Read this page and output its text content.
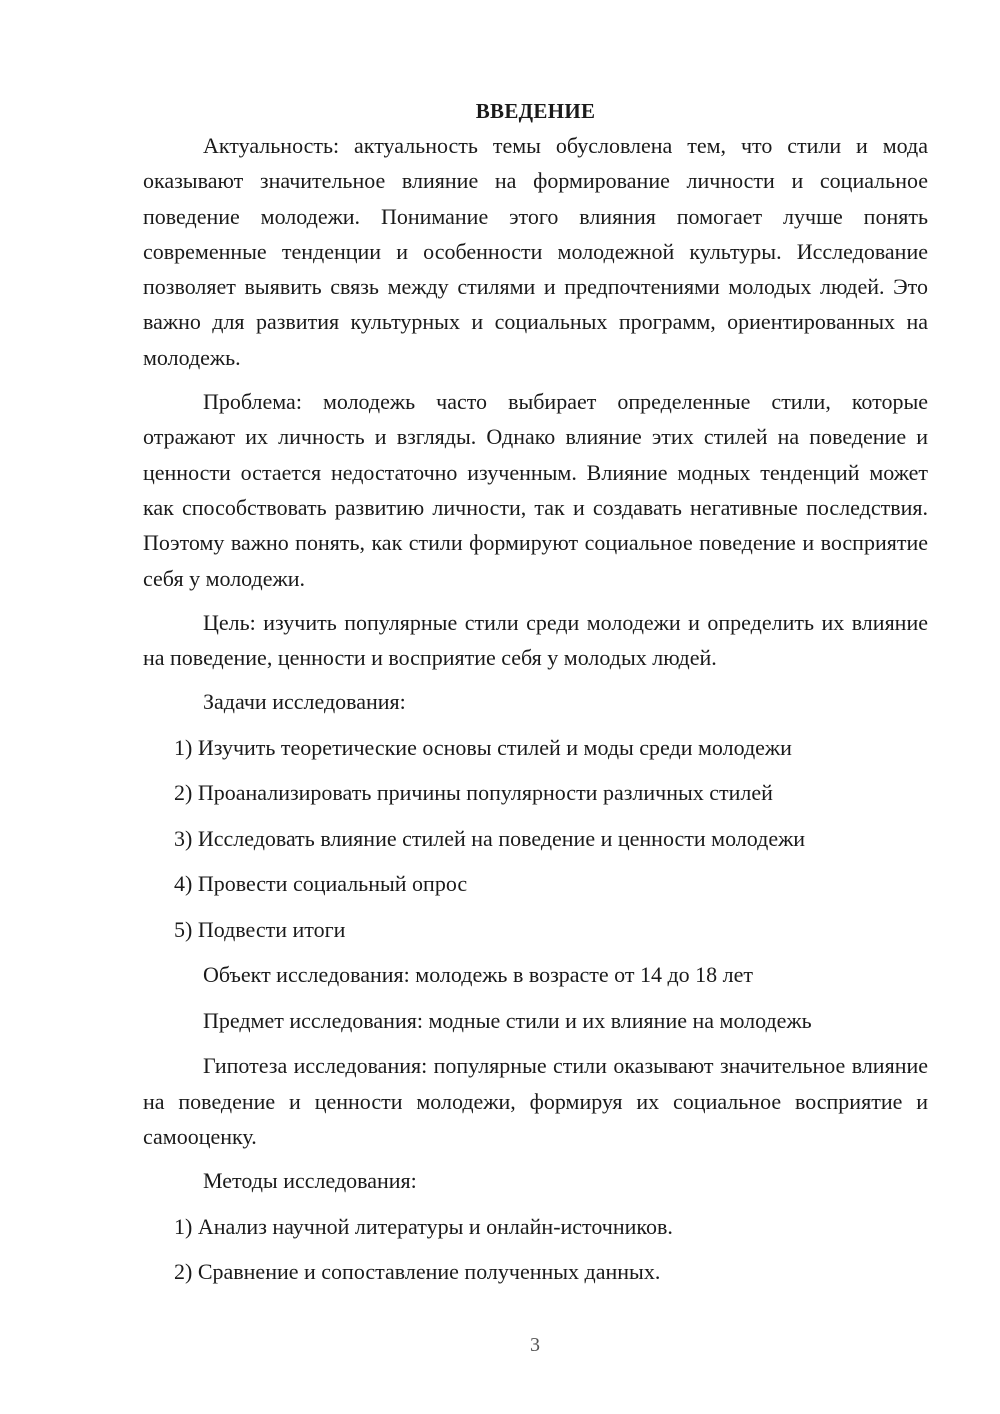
ВВЕДЕНИЕ

Актуальность: актуальность темы обусловлена тем, что стили и мода оказывают значительное влияние на формирование личности и социальное поведение молодежи. Понимание этого влияния помогает лучше понять современные тенденции и особенности молодежной культуры. Исследование позволяет выявить связь между стилями и предпочтениями молодых людей. Это важно для развития культурных и социальных программ, ориентированных на молодежь.

Проблема: молодежь часто выбирает определенные стили, которые отражают их личность и взгляды. Однако влияние этих стилей на поведение и ценности остается недостаточно изученным. Влияние модных тенденций может как способствовать развитию личности, так и создавать негативные последствия. Поэтому важно понять, как стили формируют социальное поведение и восприятие себя у молодежи.

Цель: изучить популярные стили среди молодежи и определить их влияние на поведение, ценности и восприятие себя у молодых людей.

Задачи исследования:
1) Изучить теоретические основы стилей и моды среди молодежи
2) Проанализировать причины популярности различных стилей
3) Исследовать влияние стилей на поведение и ценности молодежи
4) Провести социальный опрос
5) Подвести итоги
Объект исследования: молодежь в возрасте от 14 до 18 лет
Предмет исследования: модные стили и их влияние на молодежь

Гипотеза исследования: популярные стили оказывают значительное влияние на поведение и ценности молодежи, формируя их социальное восприятие и самооценку.

Методы исследования:
1) Анализ научной литературы и онлайн-источников.
2) Сравнение и сопоставление полученных данных.
3
